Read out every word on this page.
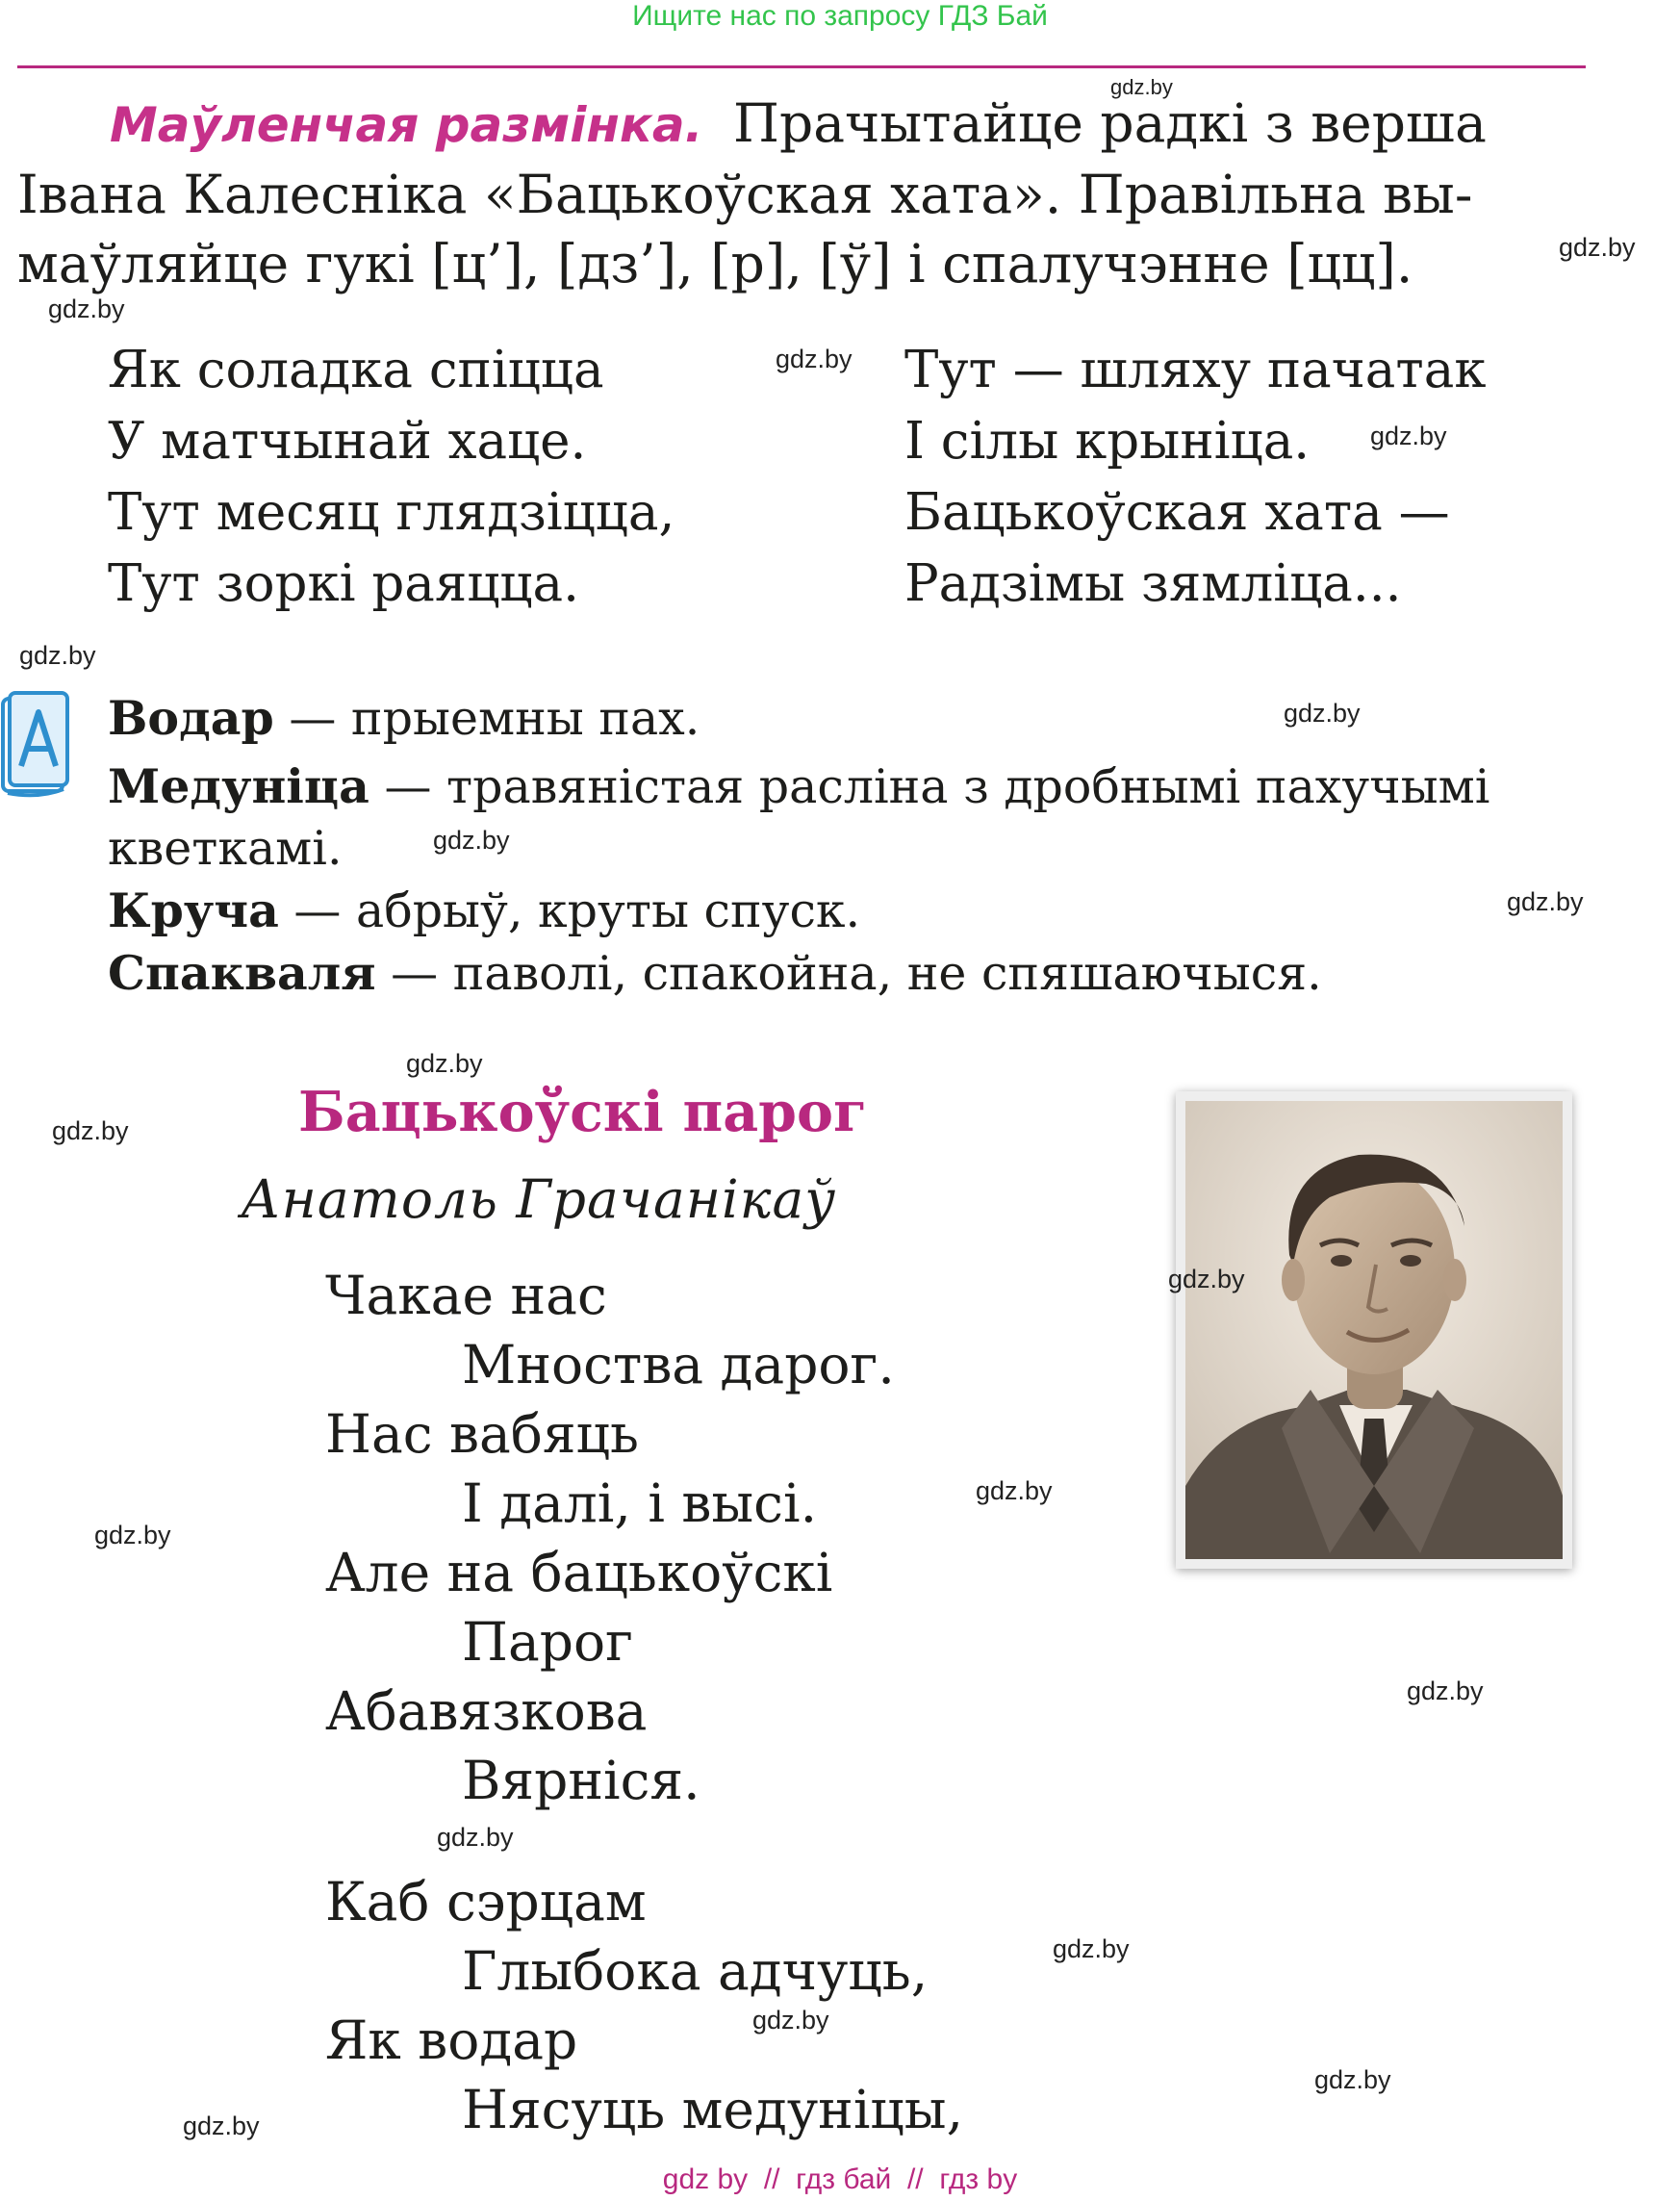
Ищите нас по запросу ГДЗ Бай
Маўленчая размінка. Прачытайце радкі з верша
Івана Калесніка «Бацькоўская хата». Правільна вы-
маўляйце гукі [ц’], [дз’], [р], [ў] і спалучэнне [цц].
Як соладка спіцца
У матчынай хаце.
Тут месяц глядзіцца,
Тут зоркі раяцца.
Тут — шляху пачатак
І сілы крыніца.
Бацькоўская хата —
Радзімы зямліца...
Водар — прыемны пах.
Медуніца — травяністая расліна з дробнымі пахучымі
кветкамі.
Круча — абрыў, круты спуск.
Спакваля — паволі, спакойна, не спяшаючыся.
Бацькоўскі парог
Анатоль Грачанікаў
Чакае нас
Мноства дарог.
Нас вабяць
І далі, і высі.
Але на бацькоўскі
Парог
Абавязкова
Вярніся.
Каб сэрцам
Глыбока адчуць,
Як водар
Нясуць медуніцы,
gdz.by
gdz.by
gdz.by
gdz.by
gdz.by
gdz.by
gdz.by
gdz.by
gdz.by
gdz.by
gdz.by
gdz.by
gdz.by
gdz.by
gdz.by
gdz.by
gdz.by
gdz.by
gdz.by
gdz.by
gdz by  //  гдз бай  //  гдз by
